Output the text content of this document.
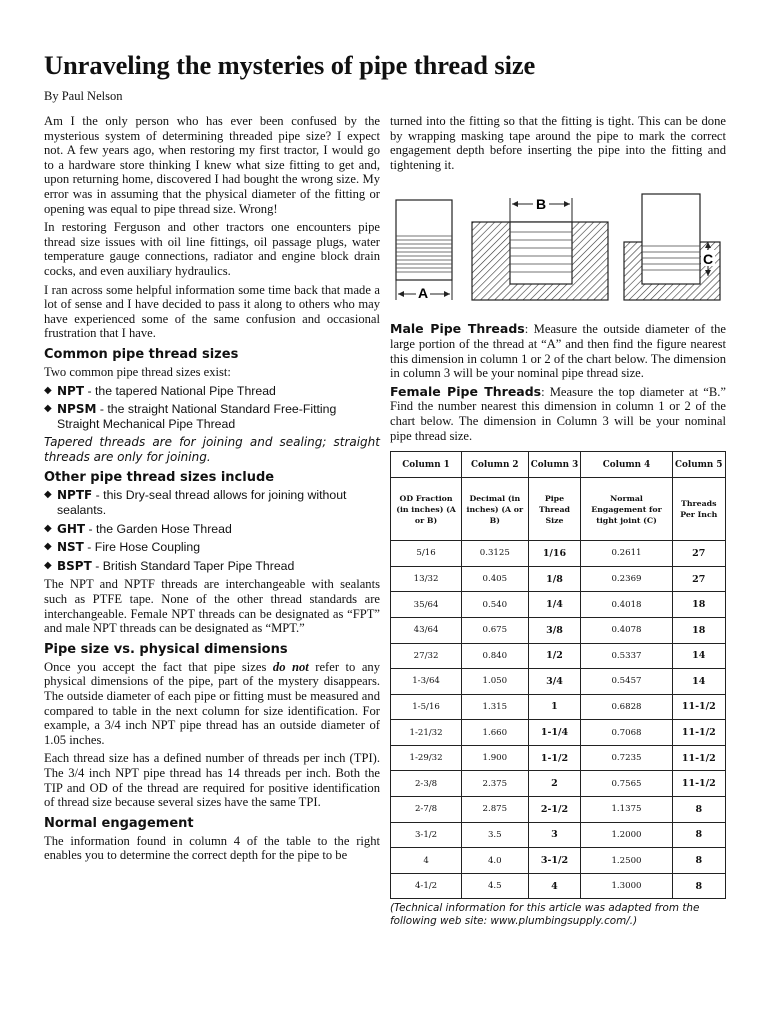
Unraveling the mysteries of pipe thread size
By Paul Nelson

Am I the only person who has ever been confused by the mysterious system of determining threaded pipe size? I expect not. A few years ago, when restoring my first tractor, I would go to a hardware store thinking I knew what size fitting to get and, upon returning home, discovered I had bought the wrong size. My error was in assuming that the physical diameter of the fitting or opening was equal to pipe thread size. Wrong!

In restoring Ferguson and other tractors one encounters pipe thread size issues with oil line fittings, oil passage plugs, water temperature gauge connections, radiator and engine block drain cocks, and even auxiliary hydraulics.

I ran across some helpful information some time back that made a lot of sense and I have decided to pass it along to others who may have experienced some of the same confusion and occasional frustration that I have.

Common pipe thread sizes

Two common pipe thread sizes exist:

◆ NPT - the tapered National Pipe Thread
◆ NPSM - the straight National Standard Free-Fitting Straight Mechanical Pipe Thread

Tapered threads are for joining and sealing; straight threads are only for joining.

Other pipe thread sizes include
◆ NPTF - this Dry-seal thread allows for joining without sealants.
◆ GHT - the Garden Hose Thread
◆ NST - Fire Hose Coupling
◆ BSPT - British Standard Taper Pipe Thread

The NPT and NPTF threads are interchangeable with sealants such as PTFE tape. None of the other thread standards are interchangeable. Female NPT threads can be designated as “FPT” and male NPT threads can be designated as “MPT.”

Pipe size vs. physical dimensions

Once you accept the fact that pipe sizes do not refer to any physical dimensions of the pipe, part of the mystery disappears. The outside diameter of each pipe or fitting must be measured and compared to table in the next column for size identification. For example, a 3/4 inch NPT pipe thread has an outside diameter of 1.05 inches.

Each thread size has a defined number of threads per inch (TPI). The 3/4 inch NPT pipe thread has 14 threads per inch. Both the TIP and OD of the thread are required for positive identification of thread size because several sizes have the same TPI.

Normal engagement

The information found in column 4 of the table to the right enables you to determine the correct depth for the pipe to be

turned into the fitting so that the fitting is tight. This can be done by wrapping masking tape around the pipe to mark the correct engagement depth before inserting the pipe into the fitting and tightening it.

A
B
C

Male Pipe Threads: Measure the outside diameter of the large portion of the thread at “A” and then find the figure nearest this dimension in column 1 or 2 of the chart below. The dimension in column 3 will be your nominal pipe thread size.

Female Pipe Threads: Measure the top diameter at “B.” Find the number nearest this dimension in column 1 or 2 of the chart below. The dimension in Column 3 will be your nominal pipe thread size.

Column 1	Column 2	Column 3	Column 4	Column 5
OD Fraction (in inches) (A or B)	Decimal (in inches) (A or B)	Pipe Thread Size	Normal Engagement for tight joint (C)	Threads Per Inch
5/16	0.3125	1/16	0.2611	27
13/32	0.405	1/8	0.2369	27
35/64	0.540	1/4	0.4018	18
43/64	0.675	3/8	0.4078	18
27/32	0.840	1/2	0.5337	14
1-3/64	1.050	3/4	0.5457	14
1-5/16	1.315	1	0.6828	11-1/2
1-21/32	1.660	1-1/4	0.7068	11-1/2
1-29/32	1.900	1-1/2	0.7235	11-1/2
2-3/8	2.375	2	0.7565	11-1/2
2-7/8	2.875	2-1/2	1.1375	8
3-1/2	3.5	3	1.2000	8
4	4.0	3-1/2	1.2500	8
4-1/2	4.5	4	1.3000	8
(Technical information for this article was adapted from the following web site: www.plumbingsupply.com/.)
